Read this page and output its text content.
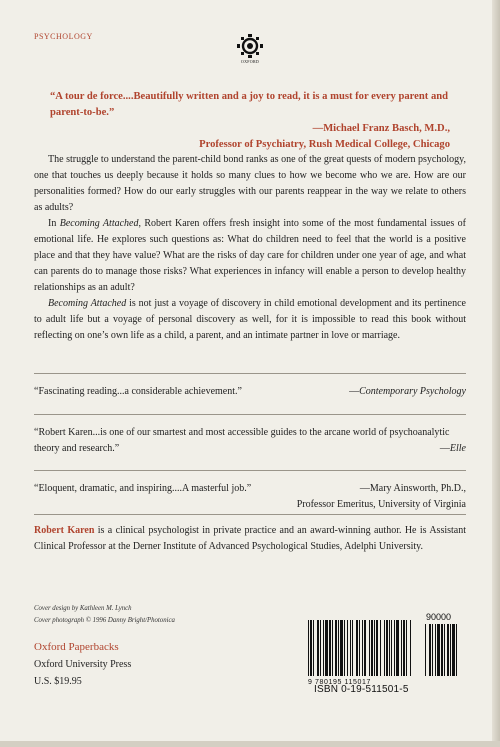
PSYCHOLOGY
OXFORD
“A tour de force....Beautifully written and a joy to read, it is a must for every parent and parent-to-be.”
—Michael Franz Basch, M.D.,
Professor of Psychiatry, Rush Medical College, Chicago

The struggle to understand the parent-child bond ranks as one of the great quests of modern psychology, one that touches us deeply because it holds so many clues to how we become who we are. How are our personalities formed? How do our early struggles with our parents reappear in the way we relate to others as adults?

In Becoming Attached, Robert Karen offers fresh insight into some of the most fundamental issues of emotional life. He explores such questions as: What do children need to feel that the world is a positive place and that they have value? What are the risks of day care for children under one year of age, and what can parents do to manage those risks? What experiences in infancy will enable a person to develop healthy relationships as an adult?

Becoming Attached is not just a voyage of discovery in child emotional development and its pertinence to adult life but a voyage of personal discovery as well, for it is impossible to read this book without reflecting on one’s own life as a child, a parent, and an intimate partner in love or marriage.

—Contemporary Psychology
“Fascinating reading...a considerable achievement.”
“Robert Karen...is one of our smartest and most accessible guides to the arcane world of psychoanalytic theory and research.”	—Elle
“Eloquent, dramatic, and inspiring....A masterful job.”	—Mary Ainsworth, Ph.D.,
Professor Emeritus, University of Virginia
Robert Karen is a clinical psychologist in private practice and an award-winning author. He is Assistant Clinical Professor at the Derner Institute of Advanced Psychological Studies, Adelphi University.
Cover design by Kathleen M. Lynch
Cover photograph © 1996 Danny Bright/Photonica
Oxford Paperbacks
Oxford University Press
U.S. $19.95
90000
9 780195 115017
ISBN 0-19-511501-5
